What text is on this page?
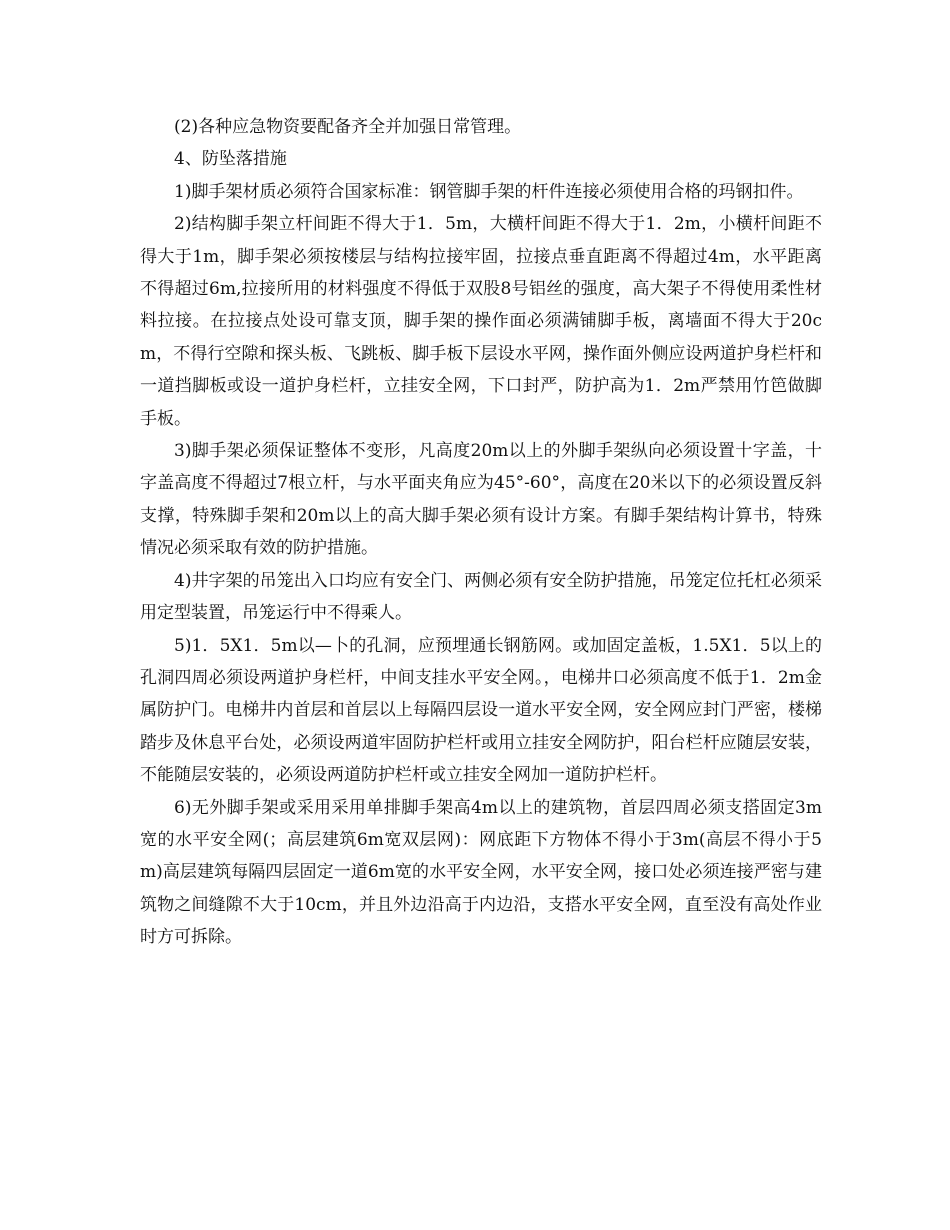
(2)各种应急物资要配备齐全并加强日常管理。

4、防坠落措施

1)脚手架材质必须符合国家标准：钢管脚手架的杆件连接必须使用合格的玛钢扣件。

2)结构脚手架立杆间距不得大于1．5m，大横杆间距不得大于1．2m，小横杆间距不得大于1m，脚手架必须按楼层与结构拉接牢固，拉接点垂直距离不得超过4m，水平距离不得超过6m,拉接所用的材料强度不得低于双股8号铝丝的强度，高大架子不得使用柔性材料拉接。在拉接点处设可靠支顶，脚手架的操作面必须满铺脚手板，离墙面不得大于20cm，不得行空隙和探头板、飞跳板、脚手板下层设水平网，操作面外侧应设两道护身栏杆和一道挡脚板或设一道护身栏杆，立挂安全网，下口封严，防护高为1．2m严禁用竹笆做脚手板。

3)脚手架必须保证整体不变形，凡高度20m以上的外脚手架纵向必须设置十字盖，十字盖高度不得超过7根立杆，与水平面夹角应为45°-60°，高度在20米以下的必须设置反斜支撑，特殊脚手架和20m以上的高大脚手架必须有设计方案。有脚手架结构计算书，特殊情况必须采取有效的防护措施。

4)井字架的吊笼出入口均应有安全门、两侧必须有安全防护措施，吊笼定位托杠必须采用定型装置，吊笼运行中不得乘人。

5)1．5X1．5m以—卜的孔洞，应预埋通长钢筋网。或加固定盖板，1.5X1．5以上的孔洞四周必须设两道护身栏杆，中间支挂水平安全网。，电梯井口必须高度不低于1．2m金属防护门。电梯井内首层和首层以上每隔四层设一道水平安全网，安全网应封门严密，楼梯踏步及休息平台处，必须设两道牢固防护栏杆或用立挂安全网防护，阳台栏杆应随层安装，不能随层安装的，必须设两道防护栏杆或立挂安全网加一道防护栏杆。

6)无外脚手架或采用采用单排脚手架高4m以上的建筑物，首层四周必须支搭固定3m宽的水平安全网(；高层建筑6m宽双层网)：网底距下方物体不得小于3m(高层不得小于5m)高层建筑每隔四层固定一道6m宽的水平安全网，水平安全网，接口处必须连接严密与建筑物之间缝隙不大于10cm，并且外边沿高于内边沿，支搭水平安全网，直至没有高处作业时方可拆除。
